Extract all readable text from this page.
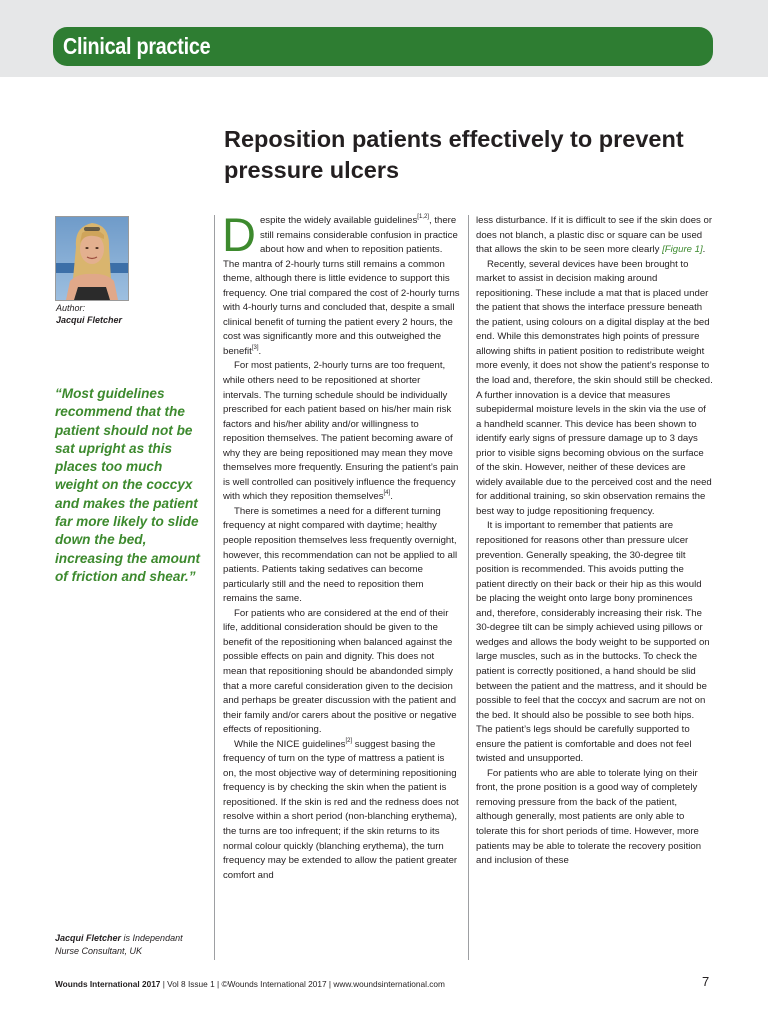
Clinical practice
Reposition patients effectively to prevent pressure ulcers
Author:
Jacqui Fletcher

“Most guidelines recommend that the patient should not be sat upright as this places too much weight on the coccyx and makes the patient far more likely to slide down the bed, increasing the amount of friction and shear.”

Jacqui Fletcher is Independant Nurse Consultant, UK

Despite the widely available guidelines[1,2], there still remains considerable confusion in practice about how and when to reposition patients. The mantra of 2-hourly turns still remains a common theme, although there is little evidence to support this frequency. One trial compared the cost of 2-hourly turns with 4-hourly turns and concluded that, despite a small clinical benefit of turning the patient every 2 hours, the cost was significantly more and this outweighed the benefit[3].

For most patients, 2-hourly turns are too frequent, while others need to be repositioned at shorter intervals. The turning schedule should be individually prescribed for each patient based on his/her main risk factors and his/her ability and/or willingness to reposition themselves. The patient becoming aware of why they are being repositioned may mean they move themselves more frequently. Ensuring the patient’s pain is well controlled can positively influence the frequency with which they reposition themselves[4].

There is sometimes a need for a different turning frequency at night compared with daytime; healthy people reposition themselves less frequently overnight, however, this recommendation can not be applied to all patients. Patients taking sedatives can become particularly still and the need to reposition them remains the same.

For patients who are considered at the end of their life, additional consideration should be given to the benefit of the repositioning when balanced against the possible effects on pain and dignity. This does not mean that repositioning should be abandonded simply that a more careful consideration given to the decision and perhaps be greater discussion with the patient and their family and/or carers about the positive or negative effects of repositioning.

While the NICE guidelines[2] suggest basing the frequency of turn on the type of mattress a patient is on, the most objective way of determining repositioning frequency is by checking the skin when the patient is repositioned. If the skin is red and the redness does not resolve within a short period (non-blanching erythema), the turns are too infrequent; if the skin returns to its normal colour quickly (blanching erythema), the turn frequency may be extended to allow the patient greater comfort and

less disturbance. If it is difficult to see if the skin does or does not blanch, a plastic disc or square can be used that allows the skin to be seen more clearly [Figure 1].

Recently, several devices have been brought to market to assist in decision making around repositioning. These include a mat that is placed under the patient that shows the interface pressure beneath the patient, using colours on a digital display at the bed end. While this demonstrates high points of pressure allowing shifts in patient position to redistribute weight more evenly, it does not show the patient’s response to the load and, therefore, the skin should still be checked. A further innovation is a device that measures subepidermal moisture levels in the skin via the use of a handheld scanner. This device has been shown to identify early signs of pressure damage up to 3 days prior to visible signs becoming obvious on the surface of the skin. However, neither of these devices are widely available due to the perceived cost and the need for additional training, so skin observation remains the best way to judge repositioning frequency.

It is important to remember that patients are repositioned for reasons other than pressure ulcer prevention. Generally speaking, the 30-degree tilt position is recommended. This avoids putting the patient directly on their back or their hip as this would be placing the weight onto large bony prominences and, therefore, considerably increasing their risk. The 30-degree tilt can be simply achieved using pillows or wedges and allows the body weight to be supported on large muscles, such as in the buttocks. To check the patient is correctly positioned, a hand should be slid between the patient and the mattress, and it should be possible to feel that the coccyx and sacrum are not on the bed. It should also be possible to see both hips. The patient’s legs should be carefully supported to ensure the patient is comfortable and does not feel twisted and unsupported.

For patients who are able to tolerate lying on their front, the prone position is a good way of completely removing pressure from the back of the patient, although generally, most patients are only able to tolerate this for short periods of time. However, more patients may be able to tolerate the recovery position and inclusion of these

Wounds International 2017 | Vol 8 Issue 1 | ©Wounds International 2017 | www.woundsinternational.com	7
